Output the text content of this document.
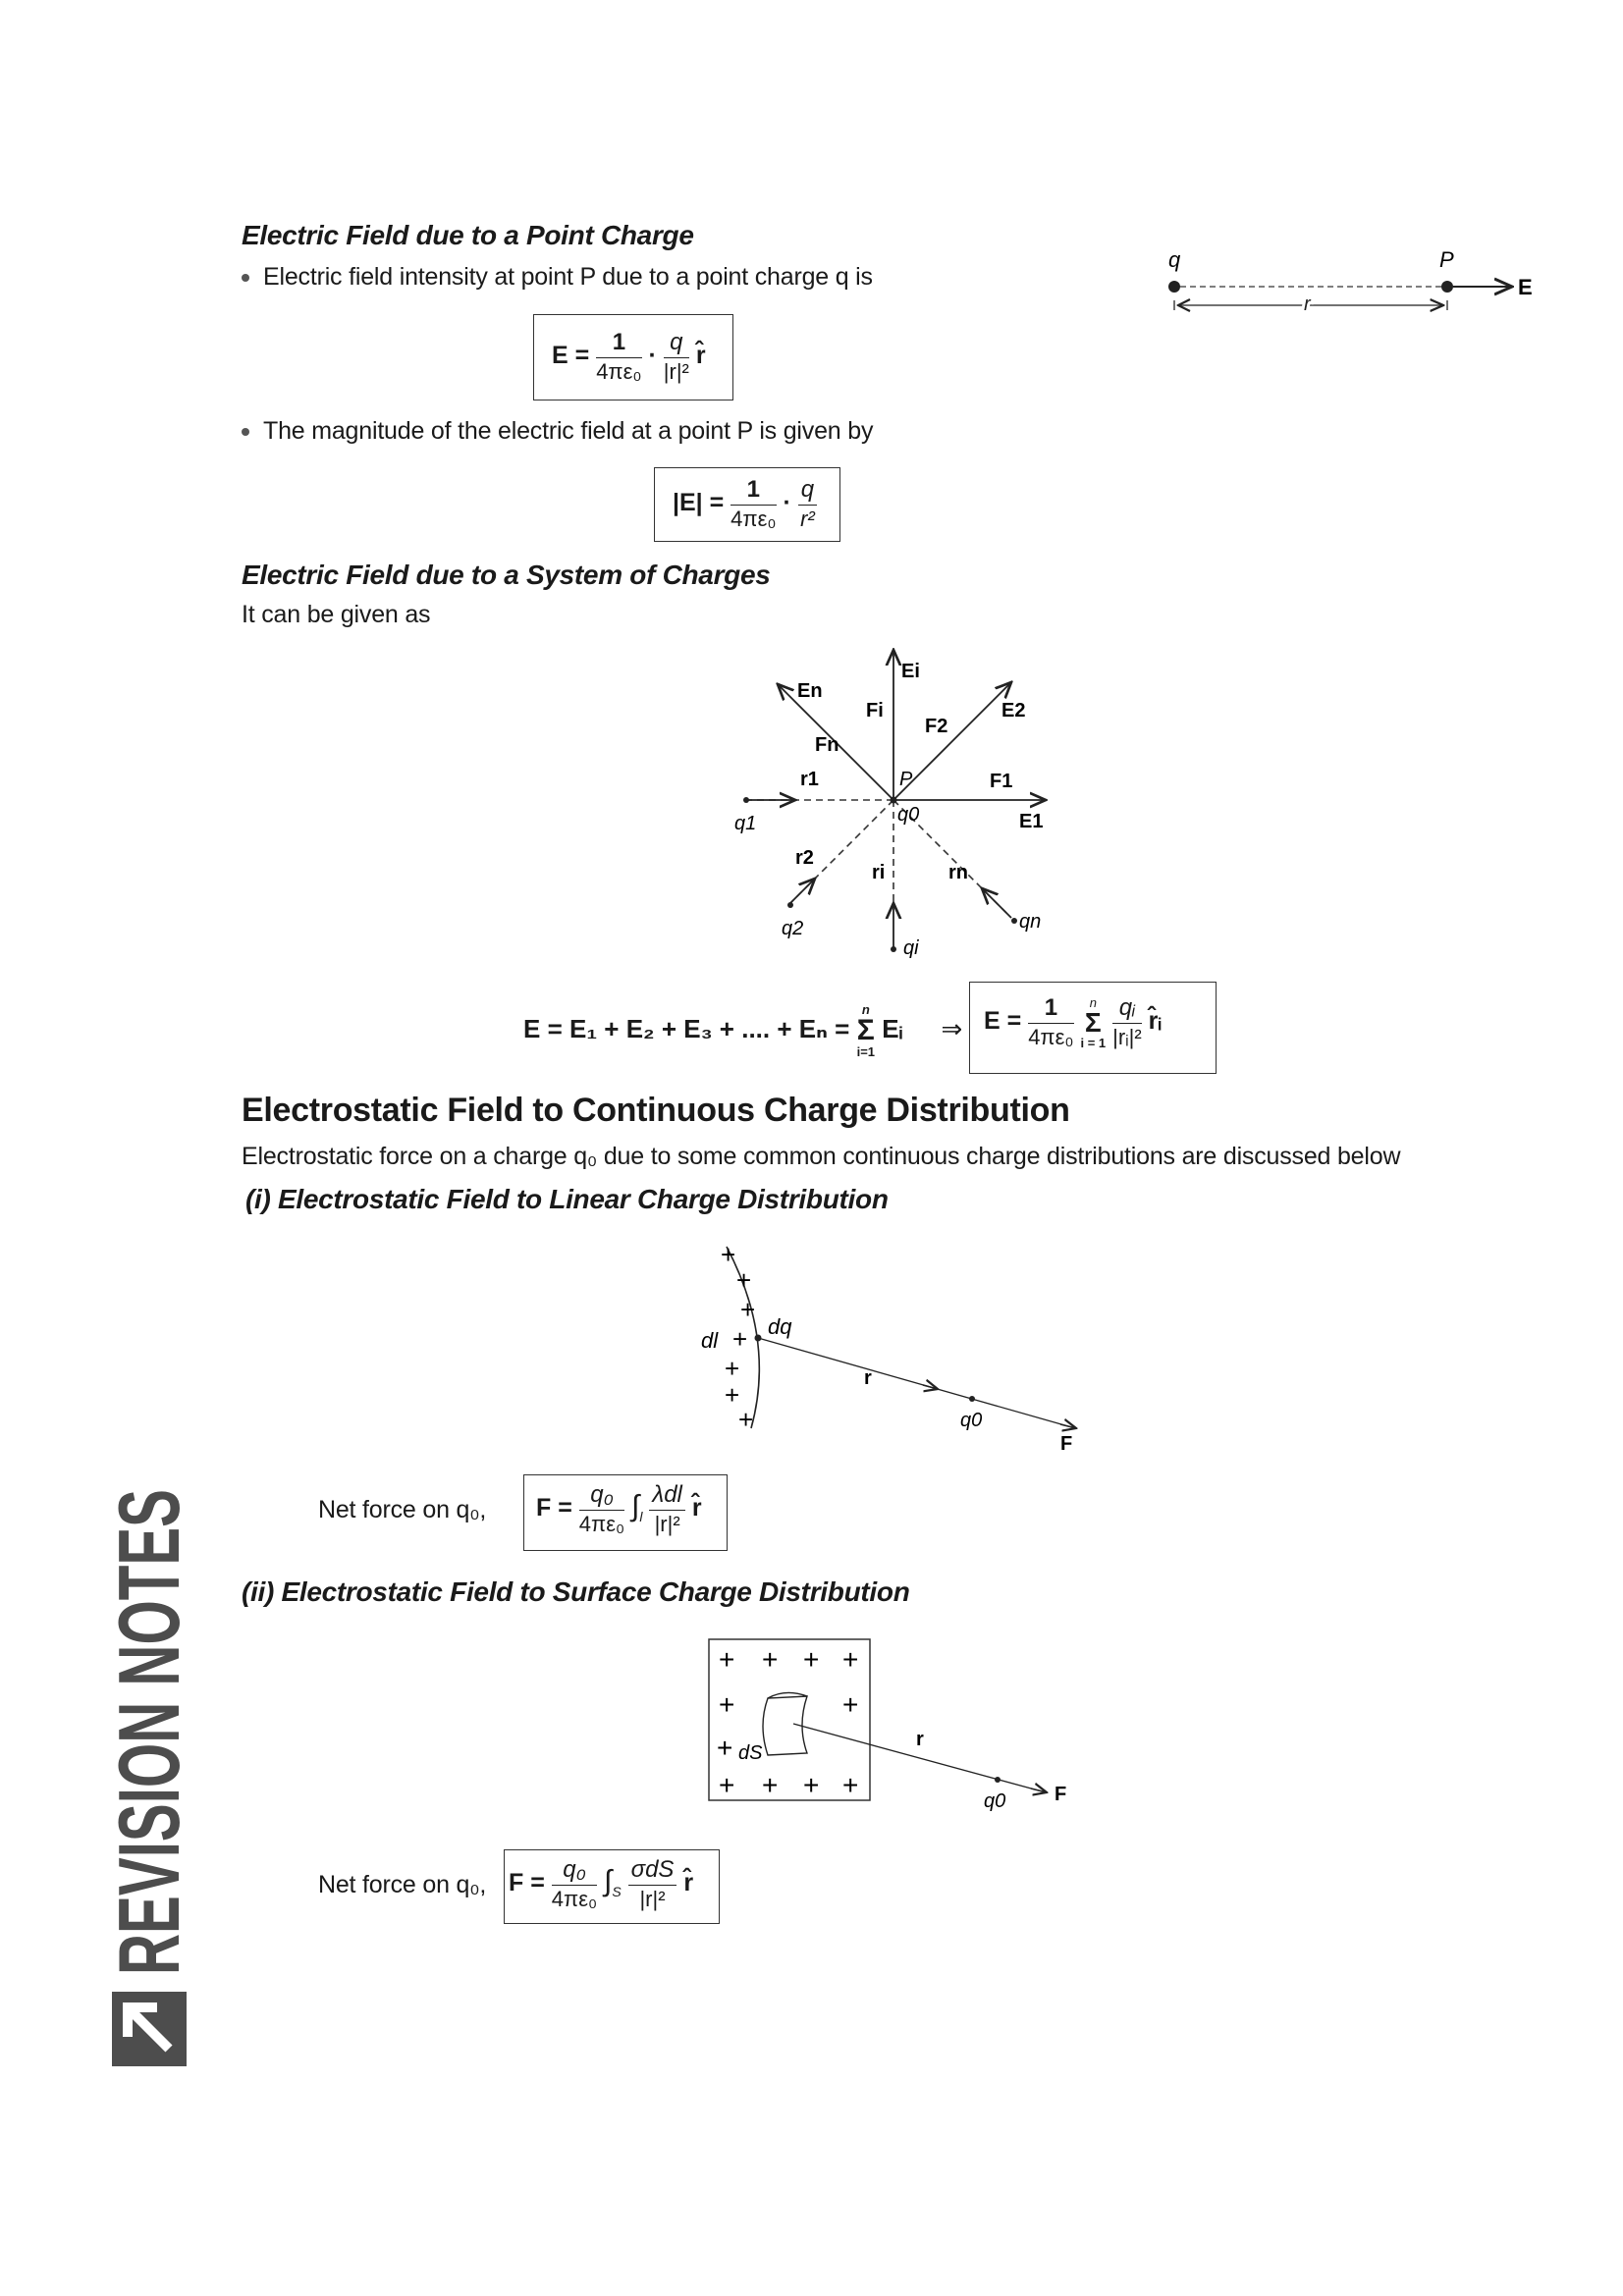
Electric Field due to a Point Charge
Electric field intensity at point P due to a point charge q is
$E = \frac{1}{\text{4πε₀}} \cdot \frac{q}{\text{|r|²}}$ r̂
The magnitude of the electric field at a point P is given by
$|E| = \frac{1}{\text{4πε₀}} \cdot \frac{q}{\text{r²}}$
q	P
E
r
Electric Field due to a System of Charges
It can be given as
Ei
En
E2
Fi
F2
Fn
P	F1
r1
q1	E1
q0
r2
ri	rn
q2
qi
qn
E = E₁ + E₂ + E₃ + .... + Eₙ =
n
Σ
i=1
Eᵢ ⇒ $E = \frac{1}{\text{4πε₀}}$
	n
Σ
i = 1
$\frac{\text{qᵢ}}{\text{|rᵢ|²}}$ r̂ᵢ
Electrostatic Field to Continuous Charge Distribution
Electrostatic force on a charge q₀ due to some common continuous charge distributions are discussed below
(i) Electrostatic Field to Linear Charge Distribution
+
+
+
+
+
+
+
dq
dl
r
q0
F
Net force on q₀, $F = \frac{\text{q₀}}{\text{4πε₀}} \int_l \frac{\text{λdl}}{\text{|r|²}}$ r̂
(ii) Electrostatic Field to Surface Charge Distribution
+ + + +
+	+
+
+ + + +
dS
r
q0 F
Net force on q₀, $F = \frac{\text{q₀}}{\text{4πε₀}} \int_S \frac{\text{σdS}}{\text{|r|²}}$ r̂
REVISION NOTES
